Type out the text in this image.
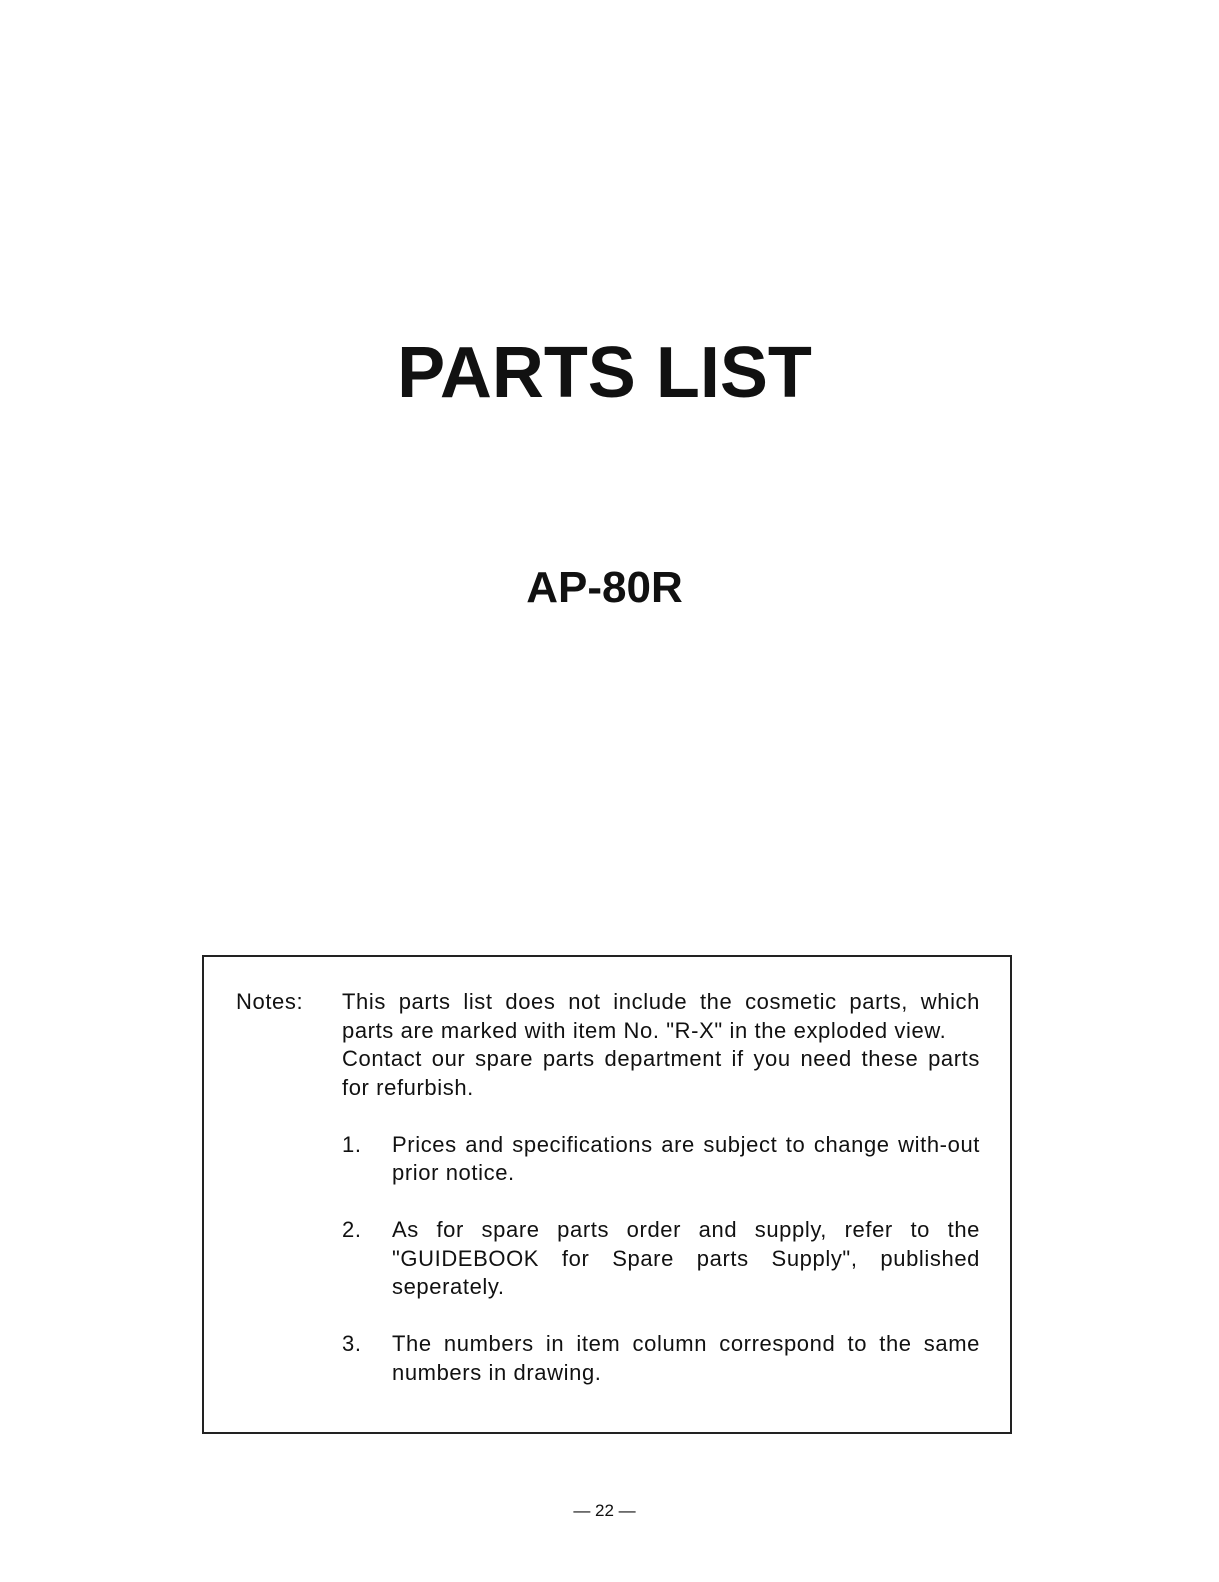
PARTS LIST
AP-80R
Notes: This parts list does not include the cosmetic parts, which parts are marked with item No. "R-X" in the exploded view.
Contact our spare parts department if you need these parts for refurbish.
1.	Prices and specifications are subject to change with-out prior notice.
2.	As for spare parts order and supply, refer to the "GUIDEBOOK for Spare parts Supply", published seperately.
3.	The numbers in item column correspond to the same numbers in drawing.
— 22 —
